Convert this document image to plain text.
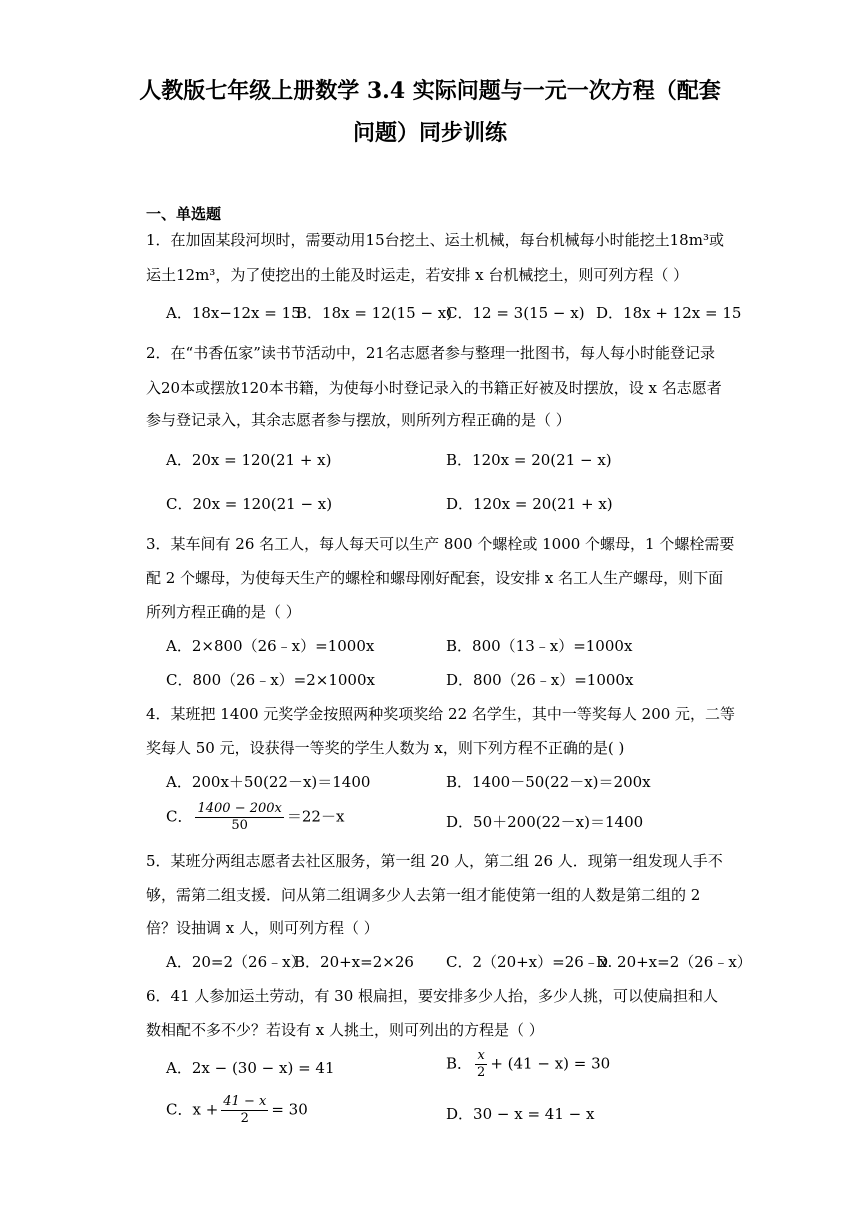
人教版七年级上册数学 3.4 实际问题与一元一次方程（配套
问题）同步训练
一、单选题
1．在加固某段河坝时，需要动用15台挖土、运土机械，每台机械每小时能挖土18m³或
运土12m³，为了使挖出的土能及时运走，若安排 x 台机械挖土，则可列方程（ ）
A．18x−12x = 15
B．18x = 12(15 − x)
C．12 = 3(15 − x) D．18x + 12x = 15
2．在“书香伍家”读书节活动中，21名志愿者参与整理一批图书，每人每小时能登记录
入20本或摆放120本书籍，为使每小时登记录入的书籍正好被及时摆放，设 x 名志愿者
参与登记录入，其余志愿者参与摆放，则所列方程正确的是（ ）
A．20x = 120(21 + x)	B．120x = 20(21 − x)
C．20x = 120(21 − x)	D．120x = 20(21 + x)
3．某车间有 26 名工人，每人每天可以生产 800 个螺栓或 1000 个螺母，1 个螺栓需要
配 2 个螺母，为使每天生产的螺栓和螺母刚好配套，设安排 x 名工人生产螺母，则下面
所列方程正确的是（ ）
A．2×800（26﹣x）=1000x	B．800（13﹣x）=1000x
C．800（26﹣x）=2×1000x	D．800（26﹣x）=1000x
4．某班把 1400 元奖学金按照两种奖项奖给 22 名学生，其中一等奖每人 200 元，二等
奖每人 50 元，设获得一等奖的学生人数为 x，则下列方程不正确的是( )
A．200x＋50(22－x)＝1400	B．1400－50(22－x)＝200x
C． $\frac{1400 - 200x}{50} =22-x$	D．50＋200(22－x)＝1400
5．某班分两组志愿者去社区服务，第一组 20 人，第二组 26 人．现第一组发现人手不
够，需第二组支援．问从第二组调多少人去第一组才能使第一组的人数是第二组的 2
倍？设抽调 x 人，则可列方程（ ）
A．20=2（26﹣x）
B．20+x=2×26 C．2（20+x）=26﹣x
D. 20+x=2（26﹣x）
6．41 人参加运土劳动，有 30 根扁担，要安排多少人抬，多少人挑，可以使扁担和人
数相配不多不少？若设有 x 人挑土，则可列出的方程是（ ）
A．2x − (30 − x) = 41	B． $\frac{x}{2} + (41 - x) = 30$
C．$x + \frac{41 - x}{2} = 30$	D．30 − x = 41 − x
